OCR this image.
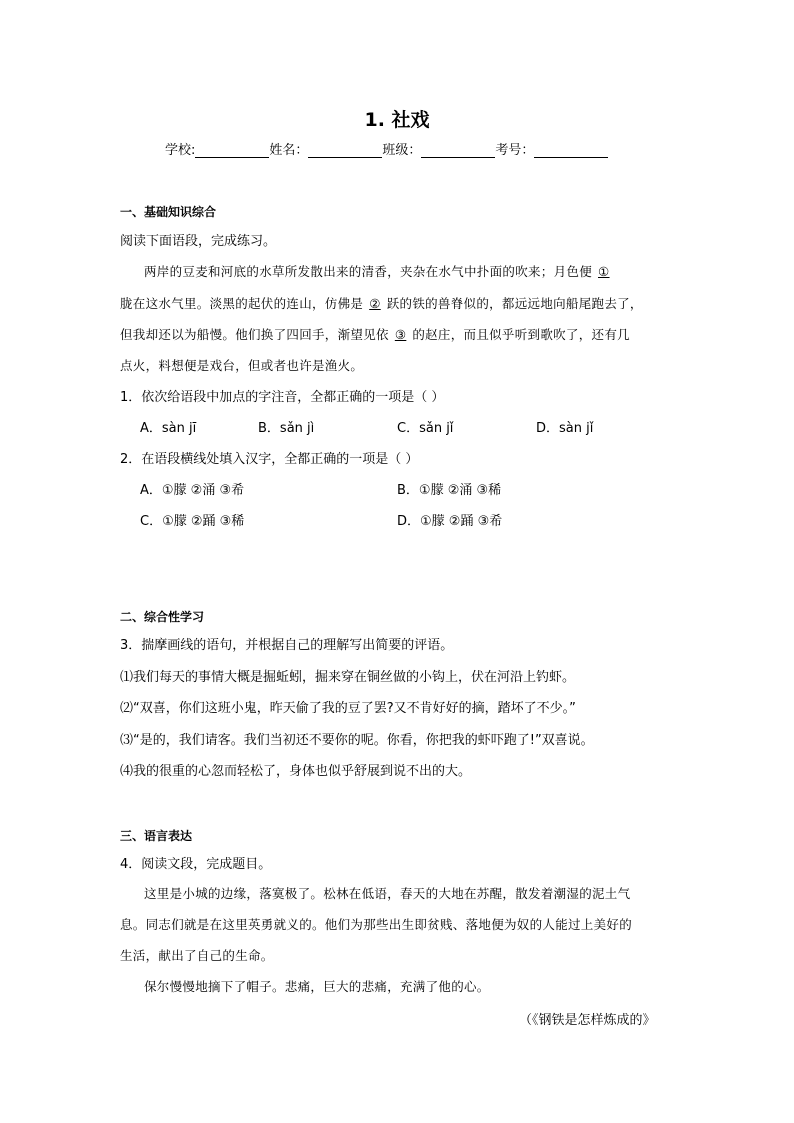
1. 社戏
学校:	姓名：	班级：	考号：
一、基础知识综合
阅读下面语段，完成练习。
两岸的豆麦和河底的水草所发散出来的清香，夹杂在水气中扑面的吹来；月色便 ①
胧在这水气里。淡黑的起伏的连山，仿佛是 ② 跃的铁的兽脊似的，都远远地向船尾跑去了，
但我却还以为船慢。他们换了四回手，渐望见依 ③ 的赵庄，而且似乎听到歌吹了，还有几
点火，料想便是戏台，但或者也许是渔火。
1．依次给语段中加点的字注音，全都正确的一项是（ ）
A．sàn jī	B．sǎn jì	C．sǎn jǐ	D．sàn jǐ
2．在语段横线处填入汉字，全都正确的一项是（ ）
A．①朦 ②涌 ③希	B．①朦 ②涌 ③稀
C．①朦 ②踊 ③稀	D．①朦 ②踊 ③希
二、综合性学习
3．揣摩画线的语句，并根据自己的理解写出简要的评语。
⑴我们每天的事情大概是掘蚯蚓，掘来穿在铜丝做的小钩上，伏在河沿上钓虾。
⑵“双喜，你们这班小鬼，昨天偷了我的豆了罢?又不肯好好的摘，踏坏了不少。”
⑶“是的，我们请客。我们当初还不要你的呢。你看，你把我的虾吓跑了!”双喜说。
⑷我的很重的心忽而轻松了，身体也似乎舒展到说不出的大。
三、语言表达
4．阅读文段，完成题目。
这里是小城的边缘，落寞极了。松林在低语，春天的大地在苏醒，散发着潮湿的泥土气
息。同志们就是在这里英勇就义的。他们为那些出生即贫贱、落地便为奴的人能过上美好的
生活，献出了自己的生命。
保尔慢慢地摘下了帽子。悲痛，巨大的悲痛，充满了他的心。
（《钢铁是怎样炼成的》
